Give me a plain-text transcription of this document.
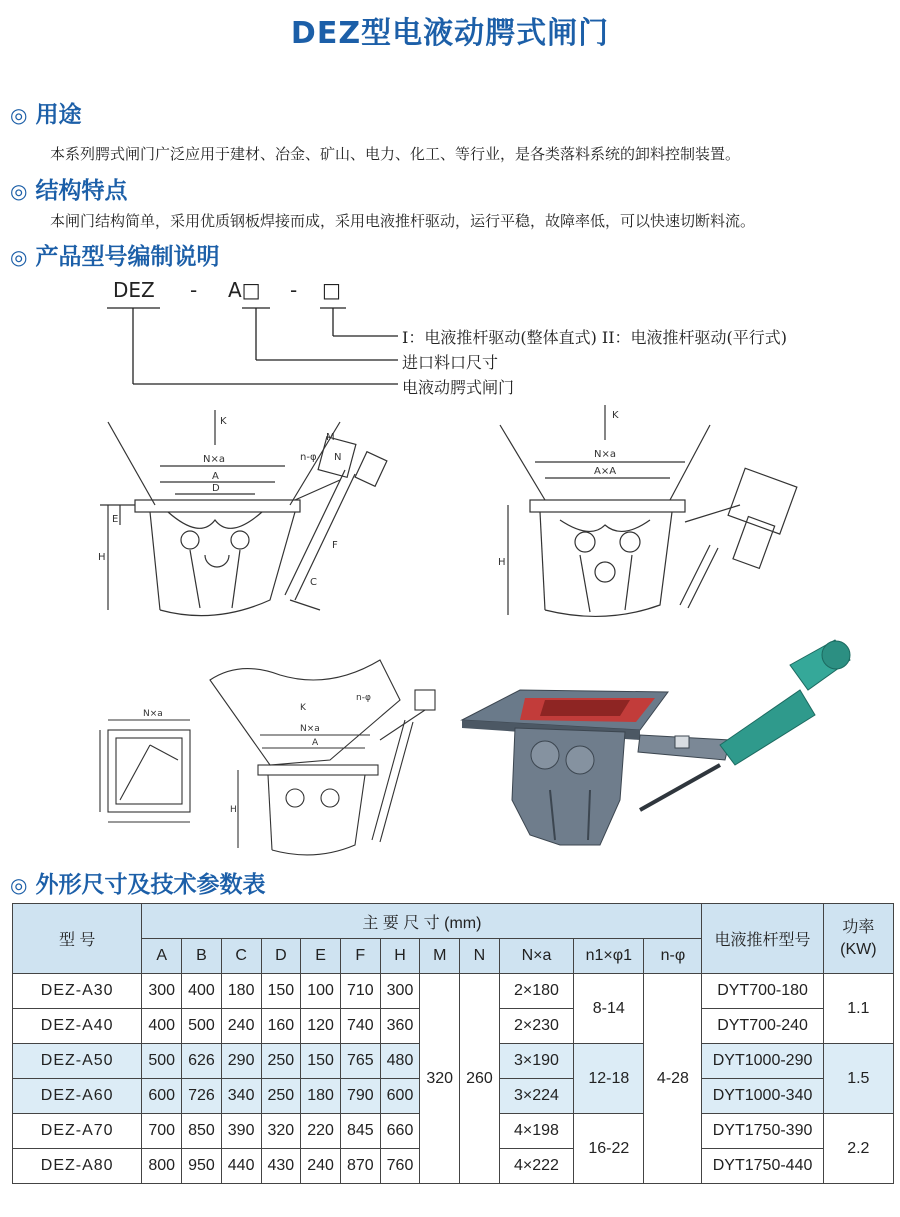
DEZ型电液动腭式闸门
◎ 用途
本系列腭式闸门广泛应用于建材、冶金、矿山、电力、化工、等行业，是各类落料系统的卸料控制装置。
◎ 结构特点
本闸门结构简单，采用优质钢板焊接而成，采用电液推杆驱动，运行平稳，故障率低，可以快速切断料流。
◎ 产品型号编制说明
DEZ - A□ - □
I：电液推杆驱动(整体直式) II：电液推杆驱动(平行式)
进口料口尺寸
电液动腭式闸门
K
N×a
A
D
H
E
F
C
n-φ
M
N
K
N×a
A×A
H
N×a
K
N×a
A
H
n-φ
◎ 外形尺寸及技术参数表
型 号	主 要 尺 寸 (mm)												电液推杆型号	功率
(KW)
	A	B	C	D	E	F	H	M	N	N×a	n1×φ1	n-φ		
DEZ-A30	300	400	180	150	100	710	300	320	260	2×180	8-14	4-28	DYT700-180	1.1
DEZ-A40	400	500	240	160	120	740	360			2×230			DYT700-240	
DEZ-A50	500	626	290	250	150	765	480			3×190	12-18		DYT1000-290	1.5
DEZ-A60	600	726	340	250	180	790	600			3×224			DYT1000-340	
DEZ-A70	700	850	390	320	220	845	660			4×198	16-22		DYT1750-390	2.2
DEZ-A80	800	950	440	430	240	870	760			4×222			DYT1750-440	
